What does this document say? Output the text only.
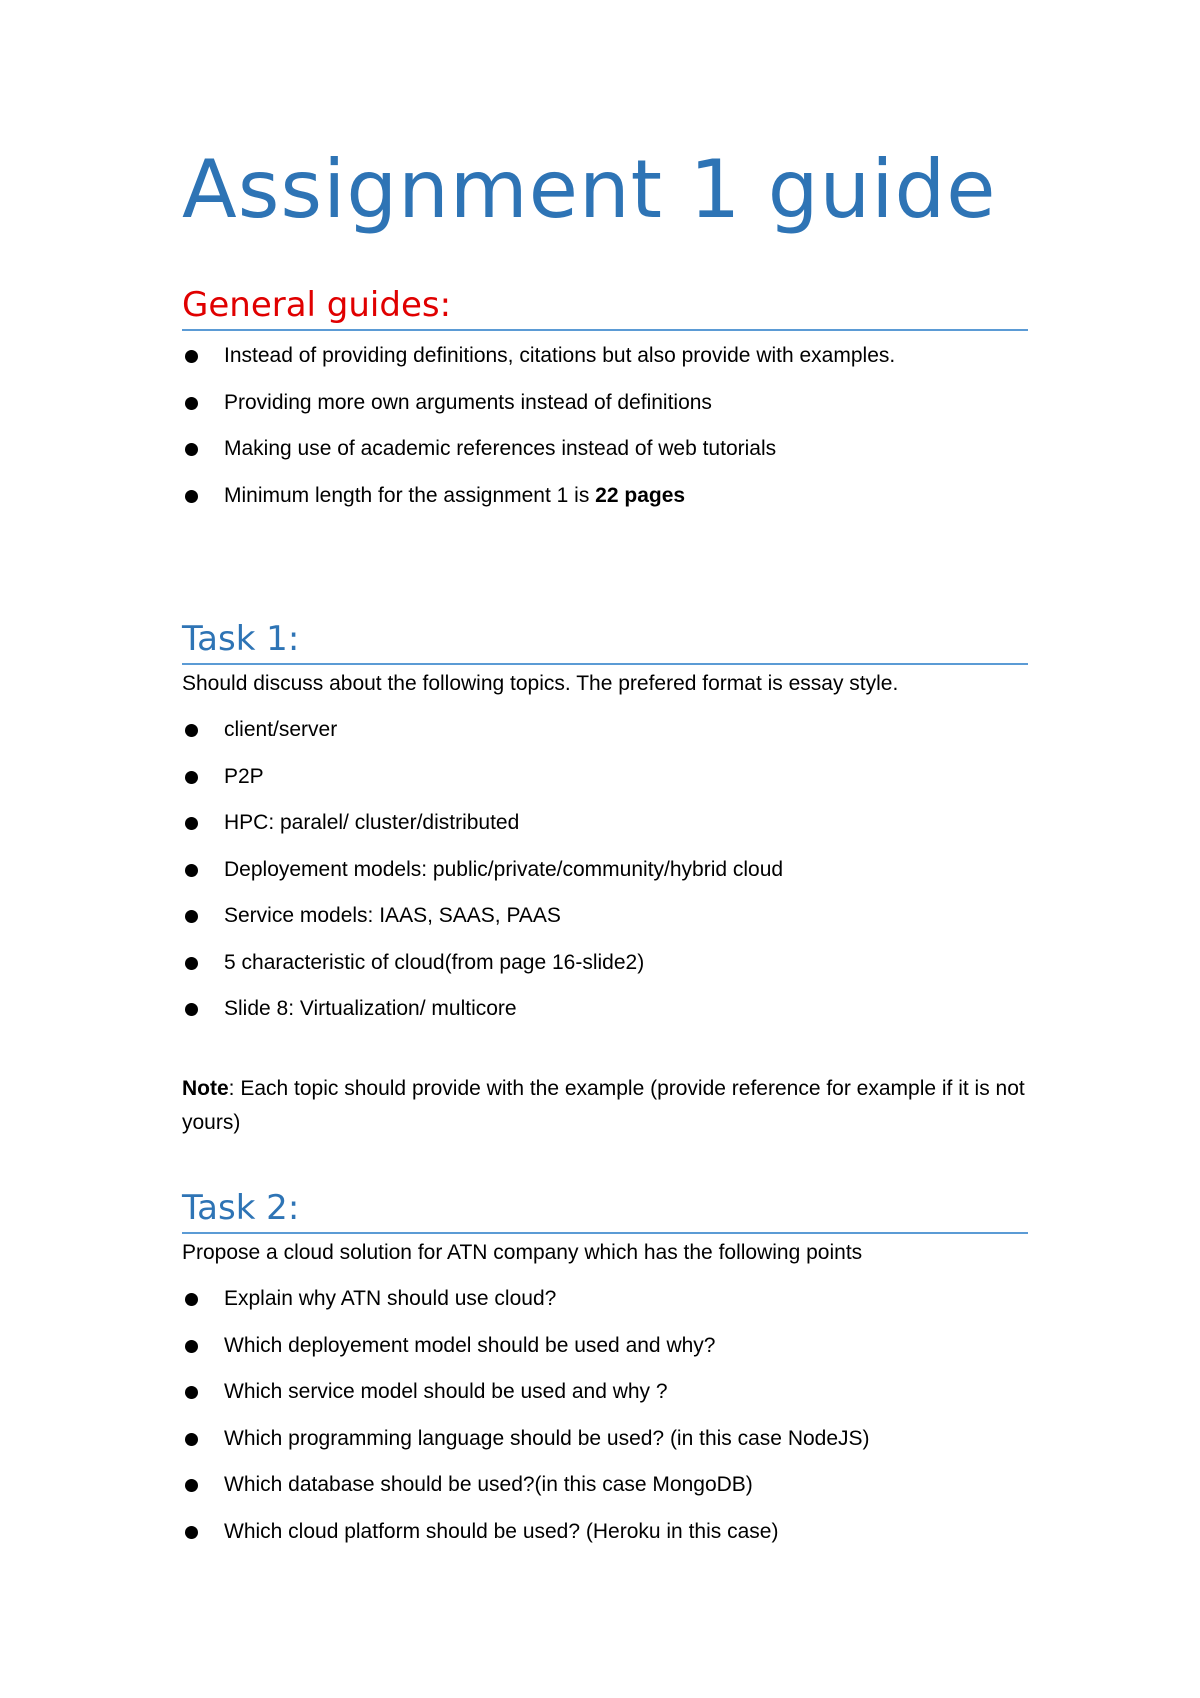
Assignment 1 guide
General guides:
Instead of providing definitions, citations but also provide with examples.
Providing more own arguments instead of definitions
Making use of academic references instead of web tutorials
Minimum length for the assignment 1 is 22 pages
Task 1:

Should discuss about the following topics. The prefered format is essay style.

client/server
P2P
HPC: paralel/ cluster/distributed
Deployement models: public/private/community/hybrid cloud
Service models: IAAS, SAAS, PAAS
5 characteristic of cloud(from page 16-slide2)
Slide 8: Virtualization/ multicore

Note: Each topic should provide with the example (provide reference for example if it is not yours)

Task 2:

Propose a cloud solution for ATN company which has the following points

Explain why ATN should use cloud?
Which deployement model should be used and why?
Which service model should be used and why ?
Which programming language should be used? (in this case NodeJS)
Which database should be used?(in this case MongoDB)
Which cloud platform should be used? (Heroku in this case)
